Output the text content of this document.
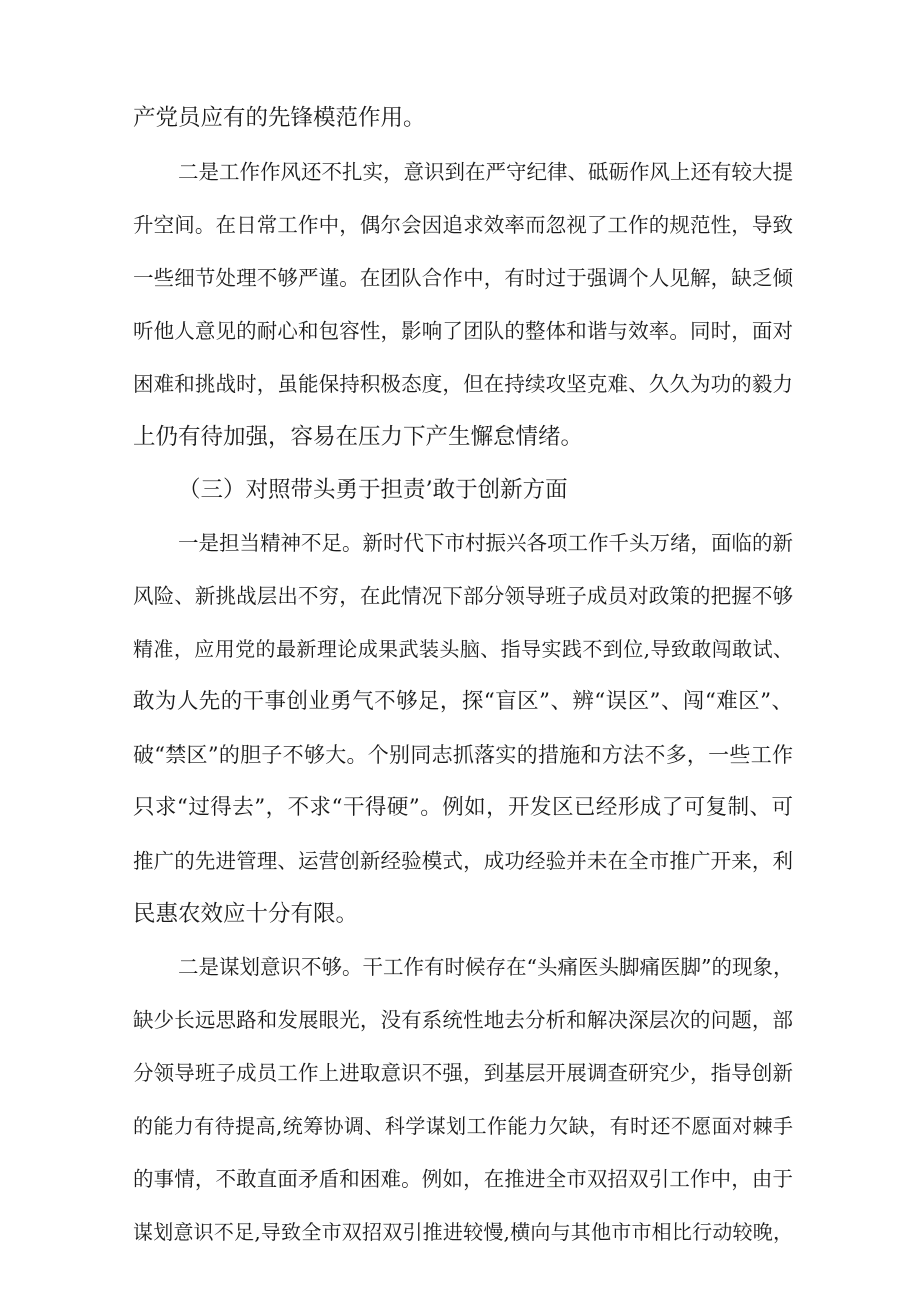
产党员应有的先锋模范作用。
二是工作作风还不扎实，意识到在严守纪律、砥砺作风上还有较大提
升空间。在日常工作中，偶尔会因追求效率而忽视了工作的规范性，导致
一些细节处理不够严谨。在团队合作中，有时过于强调个人见解，缺乏倾
听他人意见的耐心和包容性，影响了团队的整体和谐与效率。同时，面对
困难和挑战时，虽能保持积极态度，但在持续攻坚克难、久久为功的毅力
上仍有待加强，容易在压力下产生懈怠情绪。
（三）对照带头勇于担责’敢于创新方面
一是担当精神不足。新时代下市村振兴各项工作千头万绪，面临的新
风险、新挑战层出不穷，在此情况下部分领导班子成员对政策的把握不够
精准，应用党的最新理论成果武装头脑、指导实践不到位,导致敢闯敢试、
敢为人先的干事创业勇气不够足，探“盲区”、辨“误区”、闯“难区”、
破“禁区”的胆子不够大。个别同志抓落实的措施和方法不多，一些工作
只求“过得去”，不求“干得硬”。例如，开发区已经形成了可复制、可
推广的先进管理、运营创新经验模式，成功经验并未在全市推广开来，利
民惠农效应十分有限。
二是谋划意识不够。干工作有时候存在“头痛医头脚痛医脚”的现象，
缺少长远思路和发展眼光，没有系统性地去分析和解决深层次的问题，部
分领导班子成员工作上进取意识不强，到基层开展调查研究少，指导创新
的能力有待提高,统筹协调、科学谋划工作能力欠缺，有时还不愿面对棘手
的事情，不敢直面矛盾和困难。例如，在推进全市双招双引工作中，由于
谋划意识不足,导致全市双招双引推进较慢,横向与其他市市相比行动较晚，
